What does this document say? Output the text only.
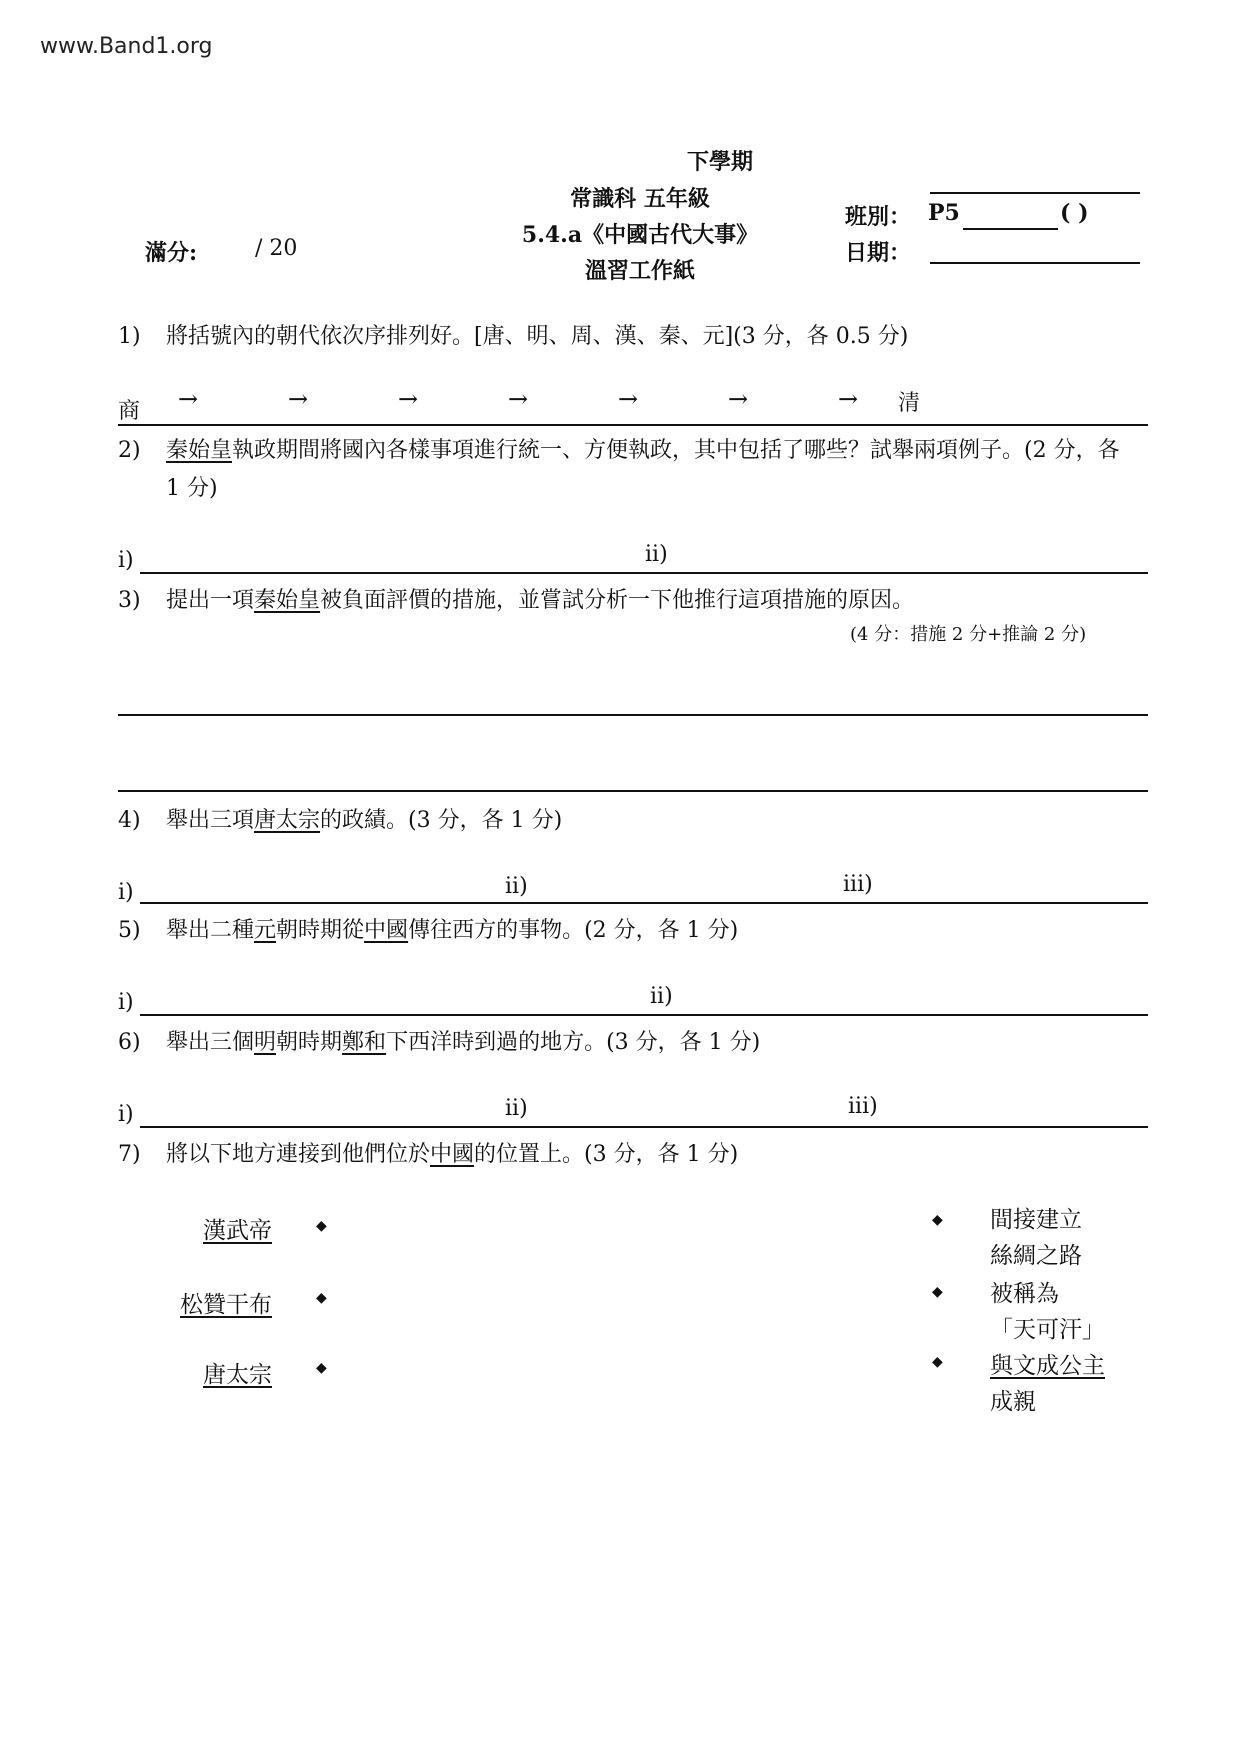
www.Band1.org
下學期
常識科 五年級
5.4.a《中國古代大事》
溫習工作紙
滿分:	/ 20
班別： P5	( )
日期：
1) 將括號內的朝代依次序排列好。[唐、明、周、漢、秦、元](3 分，各 0.5 分)
商 →	→	→	→	→	→	→ 清
2) 秦始皇執政期間將國內各樣事項進行統一、方便執政，其中包括了哪些？試舉兩項例子。(2 分，各 1 分)
i)	ii)
3) 提出一項秦始皇被負面評價的措施，並嘗試分析一下他推行這項措施的原因。
(4 分：措施 2 分+推論 2 分)
4) 舉出三項唐太宗的政績。(3 分，各 1 分)
i)	ii)	iii)
5) 舉出二種元朝時期從中國傳往西方的事物。(2 分，各 1 分)
i)	ii)
6) 舉出三個明朝時期鄭和下西洋時到過的地方。(3 分，各 1 分)
i)	ii)	iii)
7) 將以下地方連接到他們位於中國的位置上。(3 分，各 1 分)
漢武帝
松贊干布
唐太宗
◆
◆
◆
◆
◆
◆
間接建立
絲綢之路
被稱為
「天可汗」
與文成公主
成親
